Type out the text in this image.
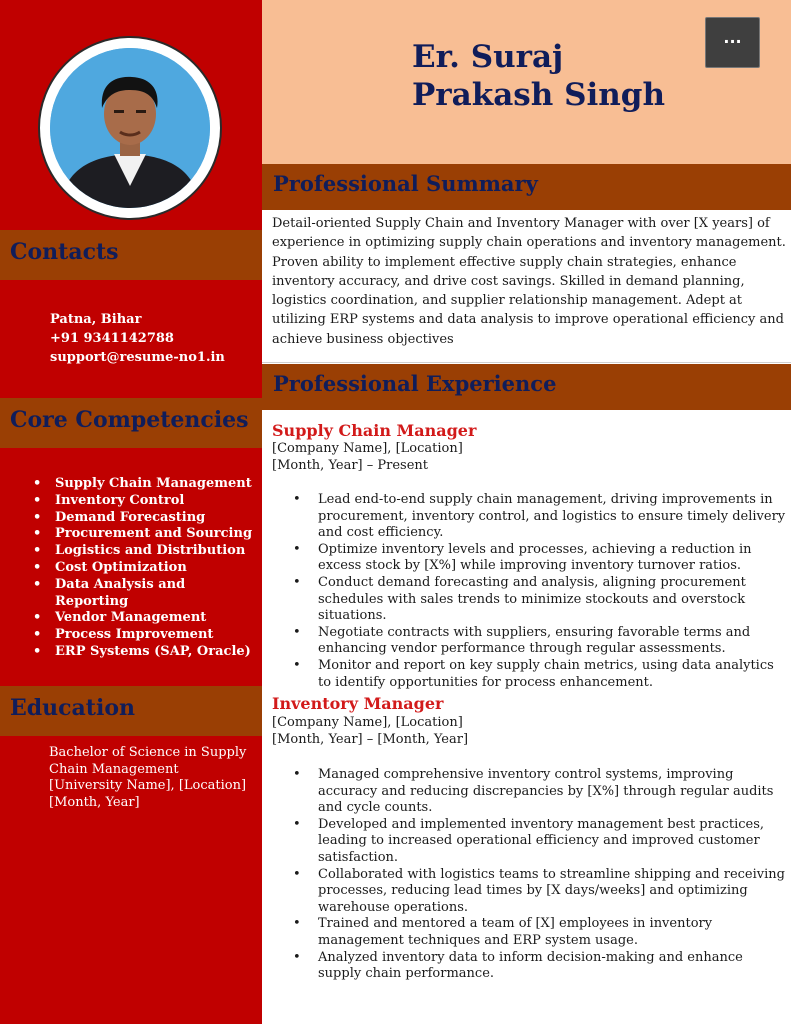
Contacts
Patna, Bihar
+91 9341142788
support@resume-no1.in
Core Competencies
• Supply Chain Management
• Inventory Control
• Demand Forecasting
• Procurement and Sourcing
• Logistics and Distribution
• Cost Optimization
• Data Analysis and Reporting
• Vendor Management
• Process Improvement
• ERP Systems (SAP, Oracle)
Education
Bachelor of Science in Supply
Chain Management
[University Name], [Location]
[Month, Year]
Er. Suraj
Prakash Singh
···
Professional Summary
Detail-oriented Supply Chain and Inventory Manager with over [X years] of experience in optimizing supply chain operations and inventory management. Proven ability to implement effective supply chain strategies, enhance inventory accuracy, and drive cost savings. Skilled in demand planning, logistics coordination, and supplier relationship management. Adept at utilizing ERP systems and data analysis to improve operational efficiency and achieve business objectives
Professional Experience
Supply Chain Manager
[Company Name], [Location]
[Month, Year] – Present
• Lead end-to-end supply chain management, driving improvements in procurement, inventory control, and logistics to ensure timely delivery and cost efficiency.
• Optimize inventory levels and processes, achieving a reduction in excess stock by [X%] while improving inventory turnover ratios.
• Conduct demand forecasting and analysis, aligning procurement schedules with sales trends to minimize stockouts and overstock situations.
• Negotiate contracts with suppliers, ensuring favorable terms and enhancing vendor performance through regular assessments.
• Monitor and report on key supply chain metrics, using data analytics to identify opportunities for process enhancement.
Inventory Manager
[Company Name], [Location]
[Month, Year] – [Month, Year]
• Managed comprehensive inventory control systems, improving accuracy and reducing discrepancies by [X%] through regular audits and cycle counts.
• Developed and implemented inventory management best practices, leading to increased operational efficiency and improved customer satisfaction.
• Collaborated with logistics teams to streamline shipping and receiving processes, reducing lead times by [X days/weeks] and optimizing warehouse operations.
• Trained and mentored a team of [X] employees in inventory management techniques and ERP system usage.
• Analyzed inventory data to inform decision-making and enhance supply chain performance.
